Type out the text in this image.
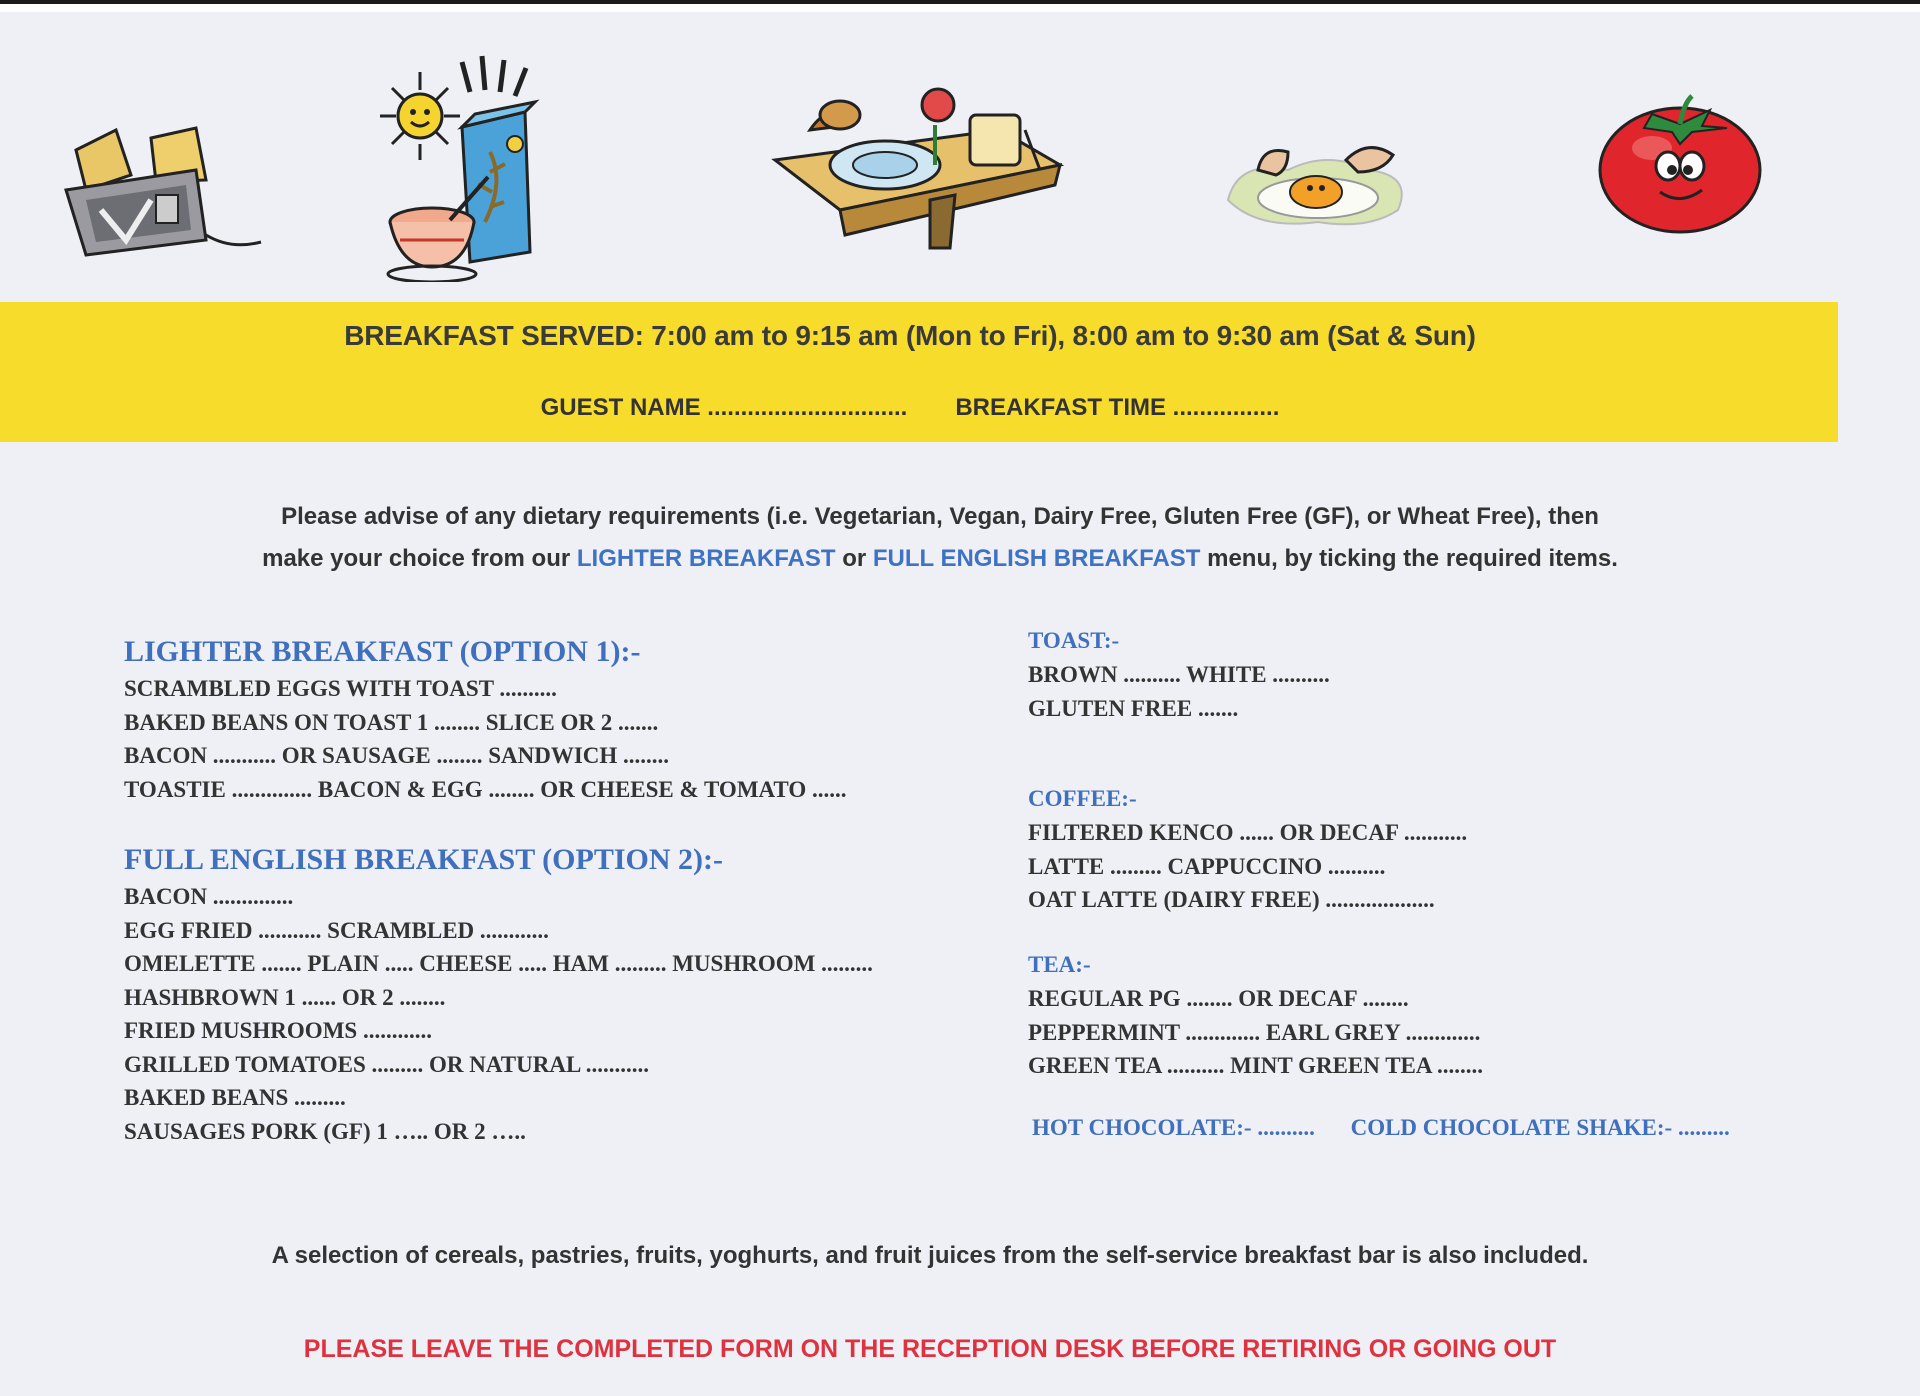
BREAKFAST SERVED: 7:00 am to 9:15 am (Mon to Fri), 8:00 am to 9:30 am (Sat & Sun)
GUEST NAME .............................. BREAKFAST TIME ................
Please advise of any dietary requirements (i.e. Vegetarian, Vegan, Dairy Free, Gluten Free (GF), or Wheat Free), then
make your choice from our LIGHTER BREAKFAST or FULL ENGLISH BREAKFAST menu, by ticking the required items.
LIGHTER BREAKFAST (OPTION 1):-
SCRAMBLED EGGS WITH TOAST ..........
BAKED BEANS ON TOAST 1 ........ SLICE OR 2 .......
BACON ........... OR SAUSAGE ........ SANDWICH ........
TOASTIE .............. BACON & EGG ........ OR CHEESE & TOMATO ......
FULL ENGLISH BREAKFAST (OPTION 2):-
BACON ..............
EGG FRIED ........... SCRAMBLED ............
OMELETTE ....... PLAIN ..... CHEESE ..... HAM ......... MUSHROOM .........
HASHBROWN 1 ...... OR 2 ........
FRIED MUSHROOMS ............
GRILLED TOMATOES ......... OR NATURAL ...........
BAKED BEANS .........
SAUSAGES PORK (GF) 1 ….. OR 2 …..
TOAST:-
BROWN .......... WHITE ..........
GLUTEN FREE .......
COFFEE:-
FILTERED KENCO ...... OR DECAF ...........
LATTE ......... CAPPUCCINO ..........
OAT LATTE (DAIRY FREE) ...................
TEA:-
REGULAR PG ........ OR DECAF ........
PEPPERMINT ............. EARL GREY .............
GREEN TEA .......... MINT GREEN TEA ........
HOT CHOCOLATE:- .......... COLD CHOCOLATE SHAKE:- .........
A selection of cereals, pastries, fruits, yoghurts, and fruit juices from the self-service breakfast bar is also included.
PLEASE LEAVE THE COMPLETED FORM ON THE RECEPTION DESK BEFORE RETIRING OR GOING OUT
